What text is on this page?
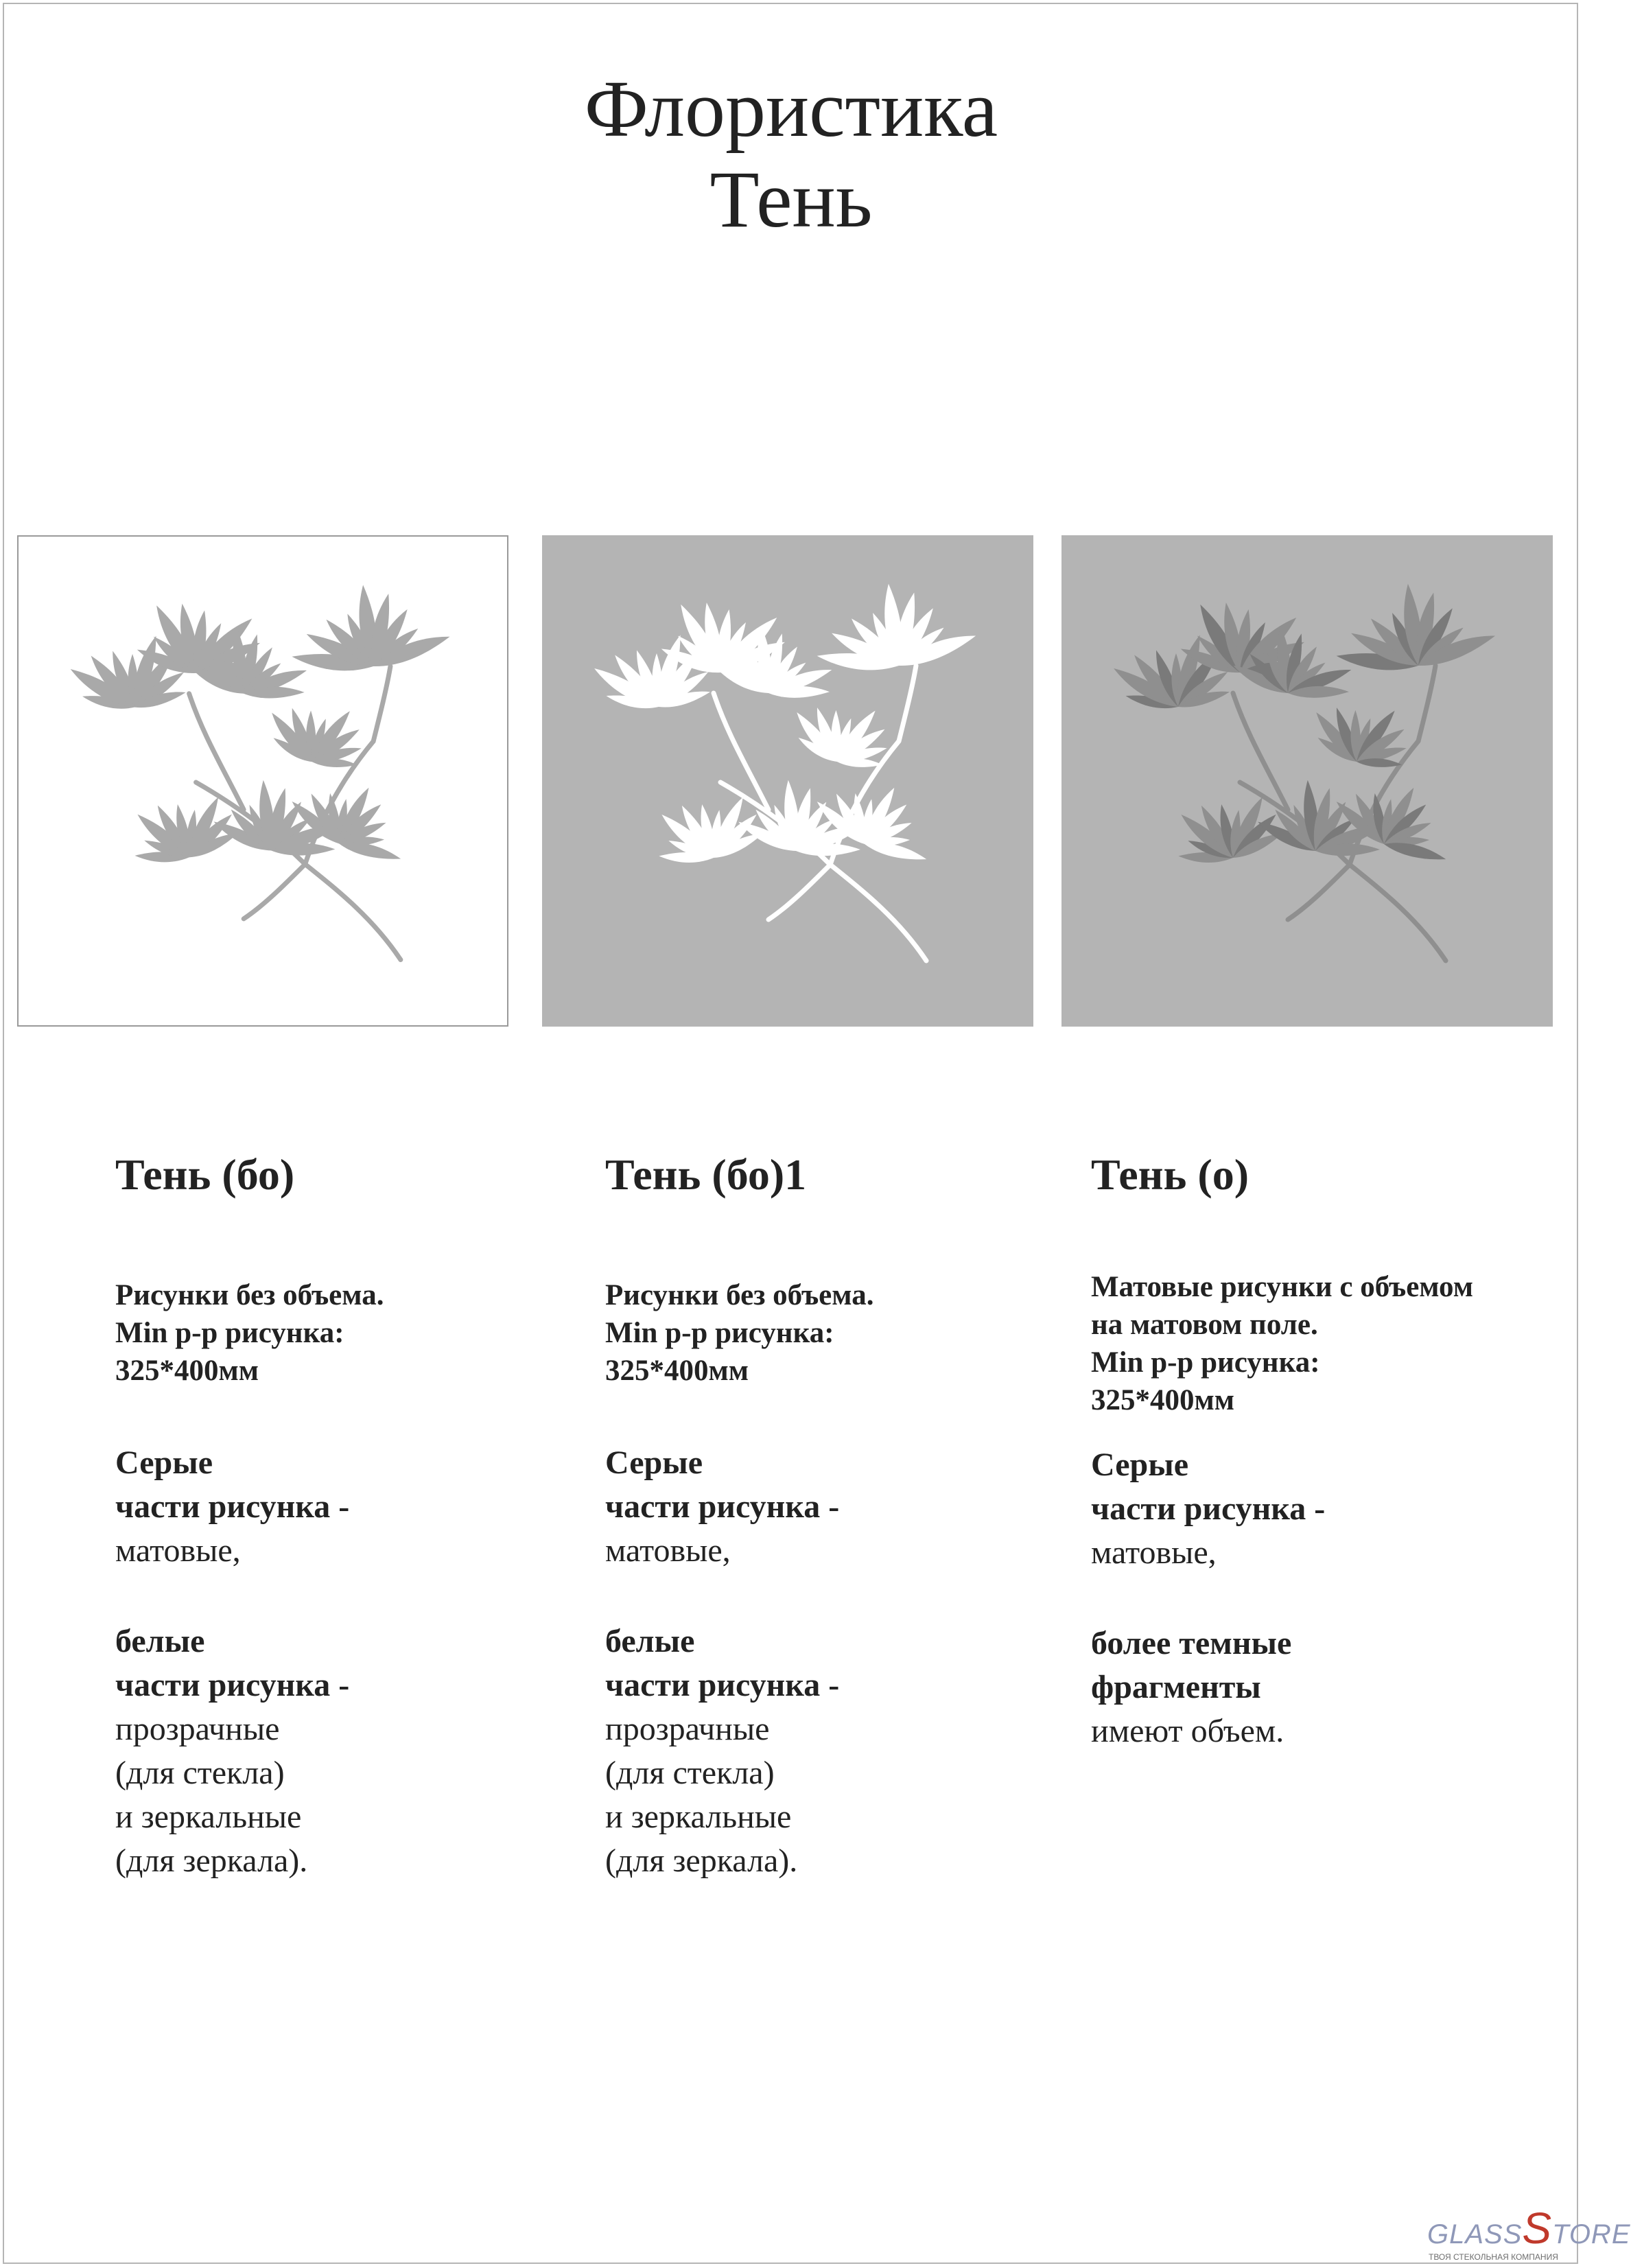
Флористика
Тень
Тень (бо)
Рисунки без объема.
Min р-р рисунка:
325*400мм
Серые
части рисунка -
матовые,
белые
части рисунка -
прозрачные
(для стекла)
и зеркальные
(для зеркала).
Тень (бо)1
Рисунки без объема.
Min р-р рисунка:
325*400мм
Серые
части рисунка -
матовые,
белые
части рисунка -
прозрачные
(для стекла)
и зеркальные
(для зеркала).
Тень (о)
Матовые рисунки с объемом
на матовом поле.
Min р-р рисунка:
325*400мм
Серые
части рисунка -
матовые,
более темные
фрагменты
имеют объем.
GLASSSTORE
ТВОЯ СТЕКОЛЬНАЯ КОМПАНИЯ
